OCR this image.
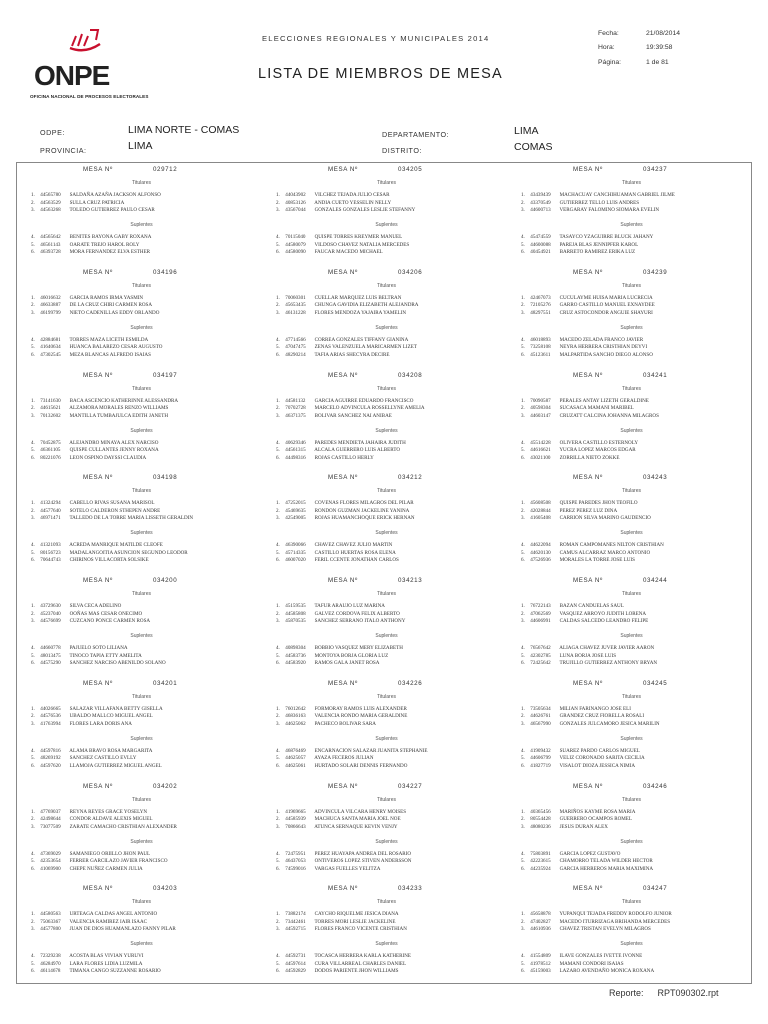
ONPE
OFICINA NACIONAL DE PROCESOS ELECTORALES
ELECCIONES REGIONALES Y MUNICIPALES 2014
LISTA DE MIEMBROS DE MESA
Fecha:	21/08/2014
Hora:	19:39:58
Página:	1 de 81
ODPE:	LIMA NORTE - COMAS
PROVINCIA:	LIMA
DEPARTAMENTO:	LIMA
DISTRITO:	COMAS
MESA Nº	029712
Titulares
1. 44565780 SALDAÑA AZAÑA JACKSON ALFONSO
2. 44563529 SULLA CRUZ PATRICIA
3. 44563268 TOLEDO GUTIERREZ PAULO CESAR
Suplentes
4. 44565642 BENITES BAYONA GABY ROXANA
5. 46561143 OARATE TREJO HAROL ROLY
6. 46393728 MORA FERNANDEZ ELVA ESTHER
MESA Nº	034205
Titulares
1. 44043902 VILCHEZ TEJADA JULIO CESAR
2. 40853126 ANDIA CUETO YESSELIN NELLY
3. 43567044 GONZALES GONZALES LESLIE STEFANNY
Suplentes
4. 70115040 QUISPE TORRES KREYMER MANUEL
5. 44580079 VILDOSO CHAVEZ NATALIA MERCEDES
6. 44580090 FAUCAR MACEDO MICHAEL
MESA Nº	034237
Titulares
1. 43439439 MACHACUAY CANCHIHUAMAN GABRIEL JILME
2. 43370549 GUTIERREZ TELLO LUIS ANDRES
3. 44600713 VERGARAY FALOMINO SIOMARA EVELIN
Suplentes
4. 45474559 TASAYCO YZAGUIRRE BLUCK JAHANY
5. 44600088 PAREJA BLAS JENNIPFER KAROL
6. 40454921 BARRETO RAMIREZ ERIKA LUZ
MESA Nº	034196
Titulares
1. 46016632 GARCIA RAMOS IRMA YASMIN
2. 46633887 DE LA CRUZ CHIRI CARMEN ROSA
3. 46199799 NIETO CADENILLAS EDDY ORLANDO
Suplentes
4. 42884681 TORRES MAZA LICETH ESMILDA
5. 41640634 HUANCA BALAREZO CESAR AUGUSTO
6. 47302545 MEZA BLANCAS ALFREDO ISAIAS
MESA Nº	034206
Titulares
1. 70060301 CUELLAR MARQUEZ LUIS BELTRAN
2. 45653435 CHUNGA GAVIDIA ELIZABETH ALEJANDRA
3. 46131228 FLORES MENDOZA YAJAIRA YAMELIN
Suplentes
4. 47714566 CORREA GONZALES TIFFANY GIANINA
5. 47047475 ZENAS VALENZUELA MARICARMEN LIZET
6. 48290214 TAFIA ARIAS SHECYRA DECIRE
MESA Nº	034239
Titulares
1. 42467073 CUCULAYME HUISA MARIA LUCRECIA
2. 72105276 GARRO CASTILLO MANUEL EXNAYDEE
3. 48297551 CRUZ ASTOCONDOR ANGUIE SHAYURI
Suplentes
4. 46018893 MACEDO ZELADA FRANCO JAVIER
5. 73258108 NEYRA HERRERA CRISTHIAN DEYVI
6. 45123611 MALPARTIDA SANCHO DIEGO ALONSO
MESA Nº	034197
Titulares
1. 73141630 BACA ASCENCIO KATHERINNE ALESSANDRA
2. 44615621 ALZAMORA MORALES RENZO WILLIAMS
3. 70132602 MANTILLA TUMBAJULCA EDITH JANETH
Suplentes
4. 70452875 ALEJANDRO MINAYA ALEX NARCISO
5. 46361105 QUISPE CULLANTES JENNY ROXANA
6. 80221076 LEON OSPINO DAYSSI CLAUDIA
MESA Nº	034208
Titulares
1. 44581132 GARCIA AGUIRRE EDUARDO FRANCISCO
2. 70702728 MARCELO ADVINCULA ROSSELLYNE AMELIA
3. 46371375 BOLIVAR SANCHEZ NAI ANIBAE
Suplentes
4. 40629346 PAREDES MENDIETA JAHAIRA JUDITH
5. 44561315 ALCALA GUERRERO LUIS ALBERTO
6. 44498316 ROJAS CASTILLO HERLY
MESA Nº	034241
Titulares
1. 70090587 PERALES ANTAY LIZETH GERALDINE
2. 40598304 SUCASACA MAMANI MARIBEL
3. 44603147 CRUZATT CALCINA JOHANNA MILAGROS
Suplentes
4. 45514228 OLIVERA CASTILLO ESTERNOLY
5. 44616621 YUCRA LOPEZ MARCOS EDGAR
6. 43021100 ZORRILLA NIETO ZOKKE
MESA Nº	034198
Titulares
1. 41324294 CABELLO RIVAS SUSANA MARISOL
2. 44577640 SOTELO CALDERON STHEPEN ANDRE
3. 46971471 TALLEDO DE LA TORRE MARIA LISSETH GERALDIN
Suplentes
4. 41321093 ACREDA MANRIQUE MATILDE CLEOFE
5. 80156723 MADALANGOITIA ASUNCION SEGUNDO LEODOR
6. 70644743 CHIRINOS VILLACORTA SOLSIKE
MESA Nº	034212
Titulares
1. 47252015 COVENAS FLORES MILAGROS DEL PILAR
2. 45469635 RONDON GUZMAN JACKELINE YANINA
3. 42549005 ROJAS HUAMANCHOQUE ERICK HERNAN
Suplentes
4. 46390066 CHAVEZ CHAVEZ JULIO MARTIN
5. 45714335 CASTILLO HUERTAS ROSA ELENA
6. 46007020 FERIL CCENTE JONATHAN CARLOS
MESA Nº	034243
Titulares
1. 45608508 QUISPE PAREDES JHON TEOFILO
2. 42028844 PEREZ PEREZ LUZ DINA
3. 41605408 CARRION SILVA MARINO GAUDENCIO
Suplentes
4. 44622094 ROMAN CAMPOMANES NILTON CRISTHIAN
5. 44620130 CAMUS ALCARRAZ MARCO ANTONIO
6. 47526936 MORALES LA TORRE JOSE LUIS
MESA Nº	034200
Titulares
1. 43729630 SILVA CECA ADELINO
2. 45237040 OOÑAS MAS CESAR ONECIMO
3. 44576699 CUZCANO PONCE CARMEN ROSA
Suplentes
4. 44660778 PAJUELO SOTO LILIANA
5. 48013475 TINOCO TAPIA ETTY AMELITA
6. 44575290 SANCHEZ NARCISO ABENILDO SOLANO
MESA Nº	034213
Titulares
1. 45159535 TAFUR ARAUJO LUZ MARINA
2. 44585808 GALVEZ CORDOVA FELIX ALBERTO
3. 45870535 SANCHEZ SERRANO ITALO ANTHONY
Suplentes
4. 40898304 BOBBIO VASQUEZ MERY ELIZABETH
5. 44583736 MONTOYA BORJA GLORIA LUZ
6. 44583920 RAMOS GALA JANET ROSA
MESA Nº	034244
Titulares
1. 76722143 BAZAN CANDUELAS SAUL
2. 47062569 VASQUEZ ARROYO JUDITH LORENA
3. 44606991 CALDAS SALCEDO LEANDRO FELIPE
Suplentes
4. 76567642 ALIAGA CHAVEZ JUVER JAVIER AARON
5. 42302785 LUNA BORJA JOSE LUIS
6. 72425642 TRUJILLO GUTIERREZ ANTHONY BRYAN
MESA Nº	034201
Titulares
1. 44026665 SALAZAR VILLAFANA BETTY GISELLA
2. 44576536 UBALDO MALLCO MIGUEL ANGEL
3. 41763994 FLORES LARA DORIS ANA
Suplentes
4. 44597816 ALAMA BRAVO ROSA MARGARITA
5. 48269192 SANCHEZ CASTILLO EVLLY
6. 44597620 LLAMOJA GUTIERREZ MIGUEL ANGEL
MESA Nº	034226
Titulares
1. 76012642 FORMORAY RAMOS LUIS ALEXANDER
2. 46836163 VALENCIA RONDO MARIA GERALDINE
3. 44625062 PACHECO BOLIVAR SARA
Suplentes
4. 46876469 ENCARNACION SALAZAR JUANITA STEPHANIE
5. 44625057 AYAZA FECEROS JULIAN
6. 44625061 HURTADO SOLARI DENNIS FERNANDO
MESA Nº	034245
Titulares
1. 73505634 MILIAN FARINANGO JOSE ELI
2. 44626761 GRANDEZ CRUZ FIORELLA ROSALI
3. 46567990 GONZALES JULCAMORO JESICA MARILIN
Suplentes
4. 41909432 SUAREZ PARDO CARLOS MIGUEL
5. 44606799 VELIZ CORONADO SARITA CECILIA
6. 41827719 VISALOT DIOZA JESSICA NIMIA
MESA Nº	034202
Titulares
1. 47769037 REYNA REYES GRACE YOSELYN
2. 42498644 CONDOR ALDAVE ALEXIS MIGUEL
3. 73077509 ZARATE CAMACHO CRISTHIAN ALEXANDER
Suplentes
4. 47369029 SAMANIEGO ORIILLO JHON PAUL
5. 42353654 FERRER GARCILAZO JAVIER FRANCISCO
6. 41069900 CHEPE NUÑEZ CARMEN JULIA
MESA Nº	034227
Titulares
1. 41969665 ADVINCULA VILCARA HENRY MOISES
2. 44585939 MACHUCA SANTA MARIA JOEL NOE
3. 70866643 ATUNCA SERNAQUE KEVIN VENJY
Suplentes
4. 72475951 PEREZ HUAYAPA ANDREA DEL ROSARIO
5. 46437053 ONTIVEROS LOPEZ STIVEN ANDERSSON
6. 74599016 VARGAS FUELLES YELITZA
MESA Nº	034246
Titulares
1. 40365456 MARIÑOS KAYME ROSA MARIA
2. 80554428 GUERRERO OCAMPOS ROMEL
3. 48080236 JESUS DURAN ALEX
Suplentes
4. 75803891 GARCIA LOPEZ GUSTAVO
5. 42223615 CHAMORRO TELADA WILDER HECTOR
6. 44235924 GARCIA HERREROS MARIA MAXIMINA
MESA Nº	034203
Titulares
1. 44580563 URTEAGA CALDAS ANGEL ANTONIO
2. 75063367 VALENCIA RAMIREZ IAIR ISAAC
3. 44577800 JUAN DE DIOS HUAMANLAZO FANNY PILAR
Suplentes
4. 72329238 ACOSTA BLAS VIVIAN YURUVI
5. 46284970 LARA FLORES LIDIA LUZMILA
6. 46114678 TIMANA CANGO SUZZANNE ROSARIO
MESA Nº	034233
Titulares
1. 73882174 CAYCHO RIQUELME JESICA DIANA
2. 73442461 TORRES MORI LESLIE JACKELINE
3. 44592715 FLORES FRANCO VICENTE CRISTHIAN
Suplentes
4. 44592731 TOCASCA HERRERA KARLA KATHERINE
5. 44597614 CURA VILLARREAL CHARLES DANIEL
6. 44592829 DODOS PARIENTE JHON WILLIAMS
MESA Nº	034247
Titulares
1. 45658878 YUPANQUI TEJADA FREDDY RODOLFO JUNIOR
2. 47402827 MACEDO ITURRIZAGA BRIHANDA MERCEDES
3. 44610936 CHAVEZ TRISTAN EVELYN MILAGROS
Suplentes
4. 41554809 ILAVE GONZALES IVETTE IVONNE
5. 41978512 MAMANI CONDORI ISAIAS
6. 45159003 LAZARO AVENDAÑO MONICA ROXANA
Reporte: RPT090302.rpt
